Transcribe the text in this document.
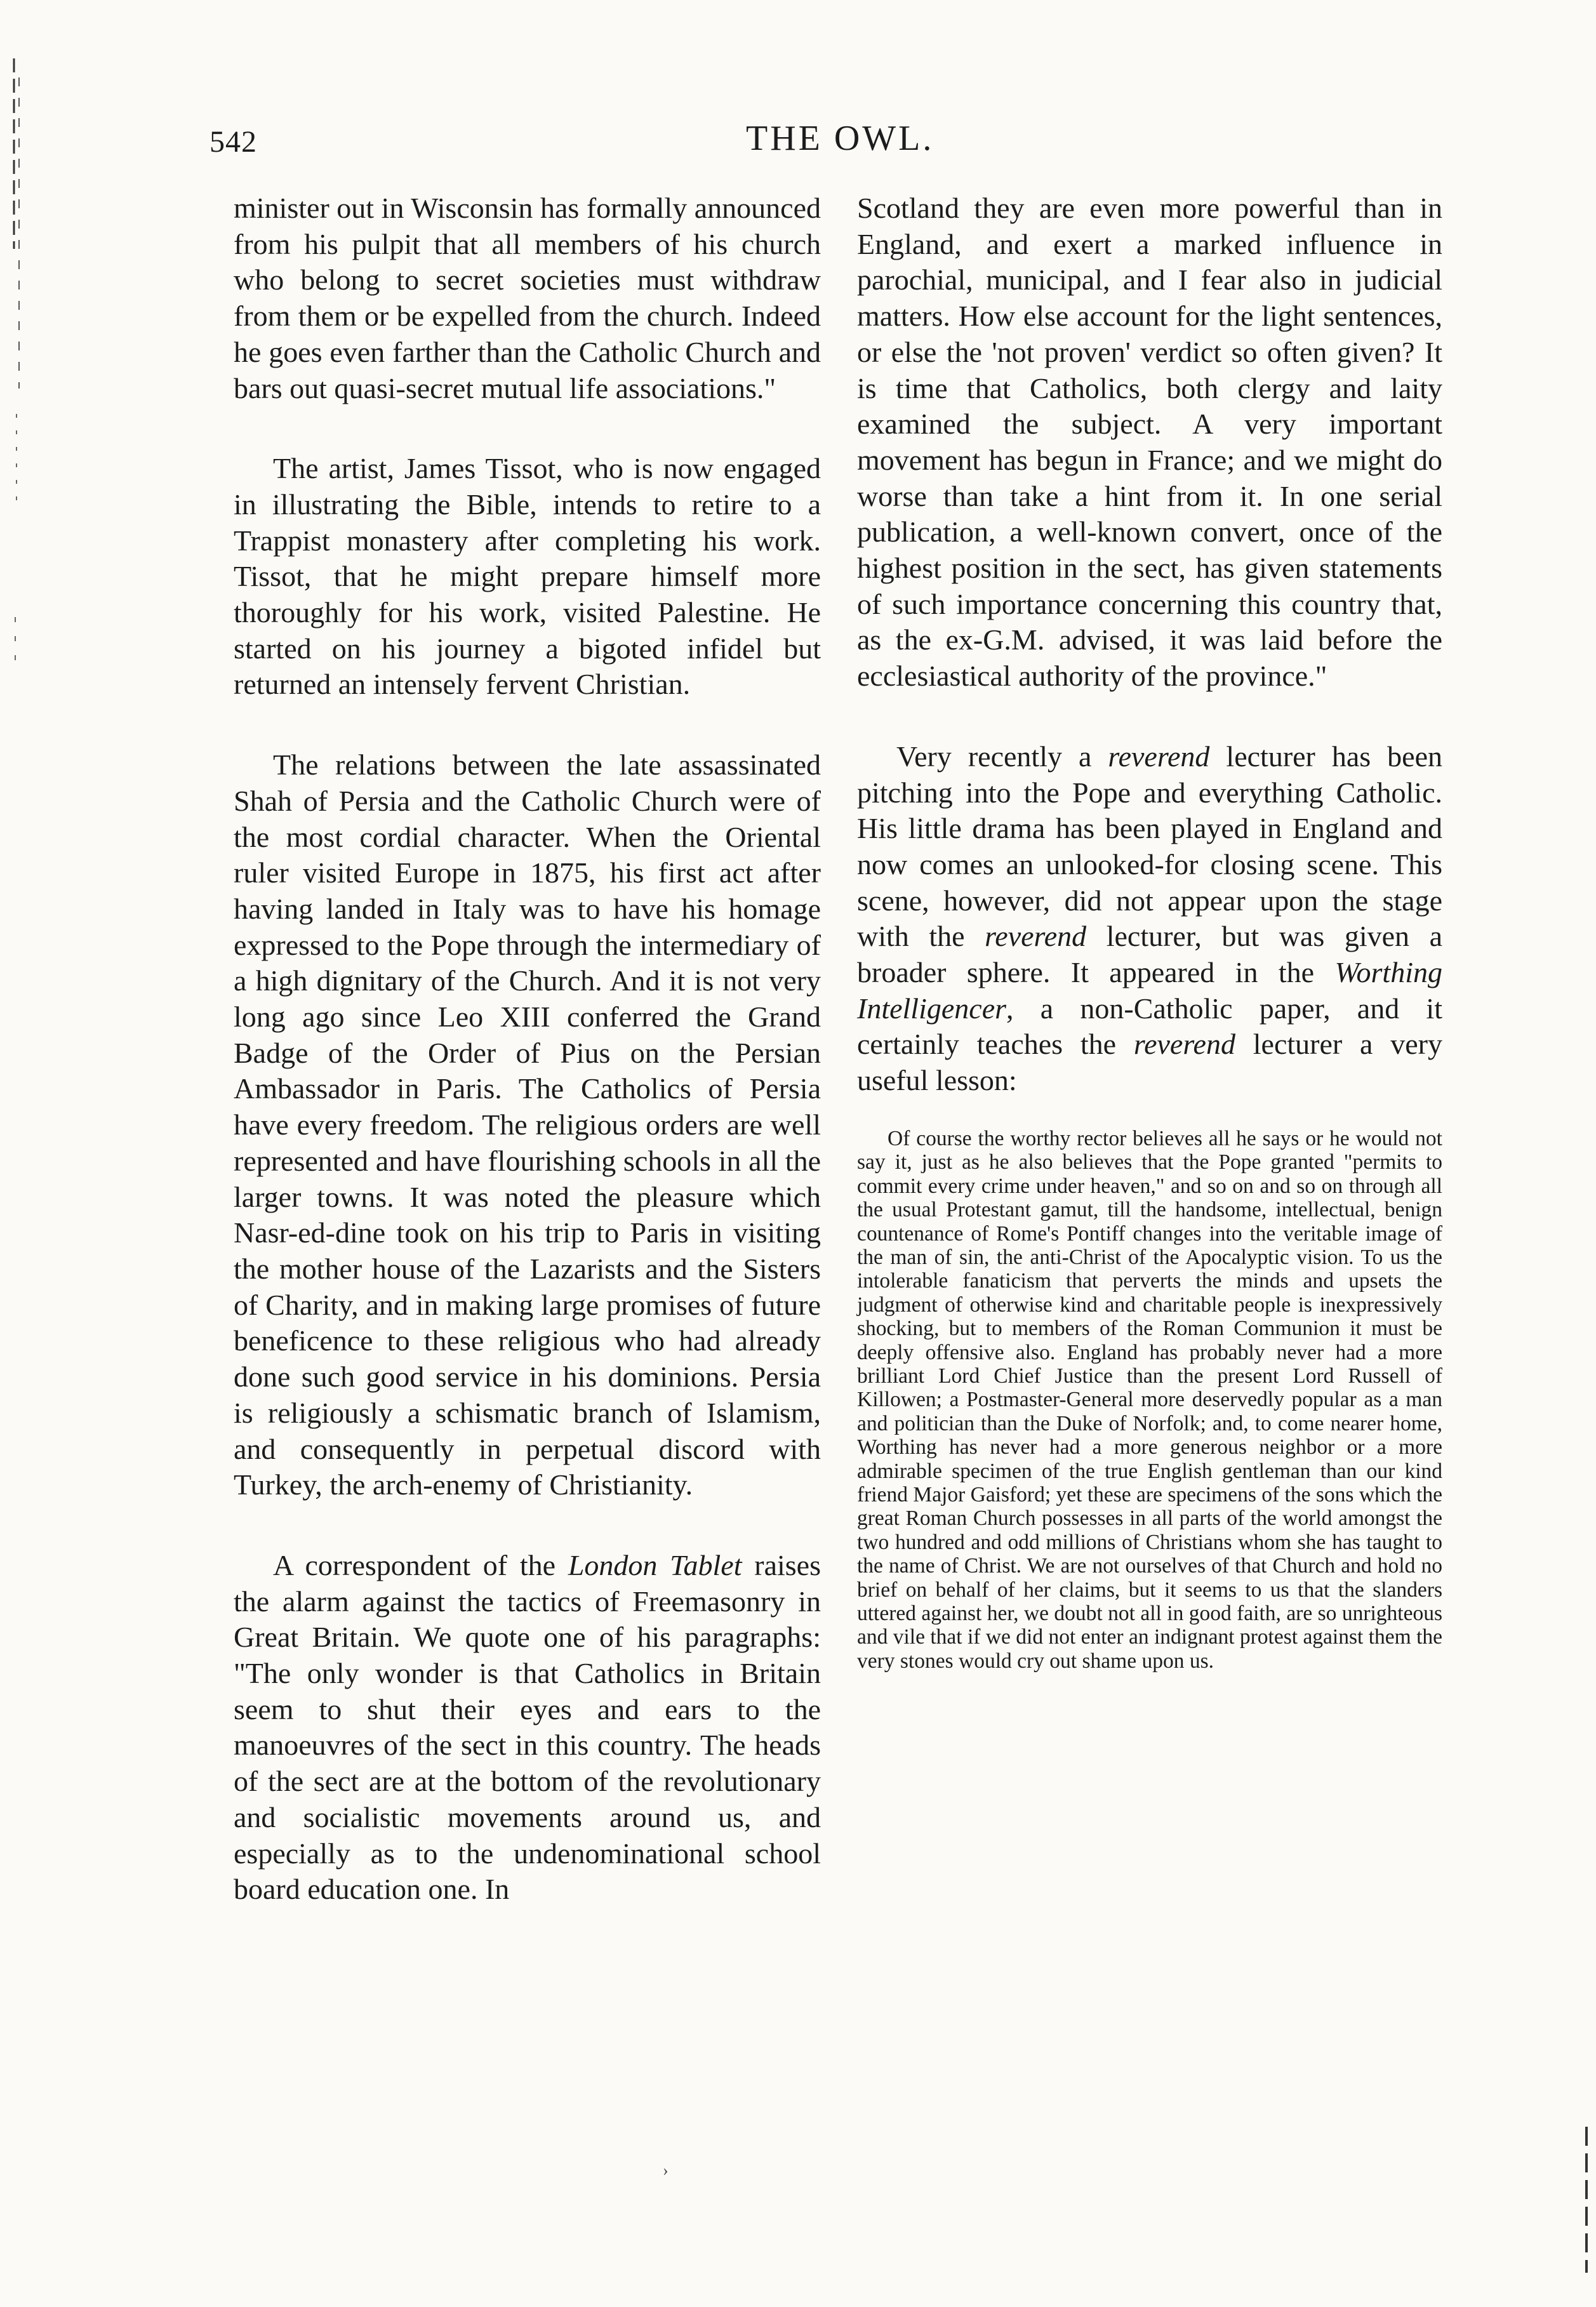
542	THE OWL.

minister out in Wisconsin has formally announced from his pulpit that all members of his church who belong to secret societies must withdraw from them or be expelled from the church. Indeed he goes even farther than the Catholic Church and bars out quasi-secret mutual life associations."

The artist, James Tissot, who is now engaged in illustrating the Bible, intends to retire to a Trappist monastery after completing his work. Tissot, that he might prepare himself more thoroughly for his work, visited Palestine. He started on his journey a bigoted infidel but returned an intensely fervent Christian.

The relations between the late assassinated Shah of Persia and the Catholic Church were of the most cordial character. When the Oriental ruler visited Europe in 1875, his first act after having landed in Italy was to have his homage expressed to the Pope through the intermediary of a high dignitary of the Church. And it is not very long ago since Leo XIII conferred the Grand Badge of the Order of Pius on the Persian Ambassador in Paris. The Catholics of Persia have every freedom. The religious orders are well represented and have flourishing schools in all the larger towns. It was noted the pleasure which Nasr-ed-dine took on his trip to Paris in visiting the mother house of the Lazarists and the Sisters of Charity, and in making large promises of future beneficence to these religious who had already done such good service in his dominions. Persia is religiously a schismatic branch of Islamism, and consequently in perpetual discord with Turkey, the arch-enemy of Christianity.

A correspondent of the London Tablet raises the alarm against the tactics of Freemasonry in Great Britain. We quote one of his paragraphs: "The only wonder is that Catholics in Britain seem to shut their eyes and ears to the manoeuvres of the sect in this country. The heads of the sect are at the bottom of the revolutionary and socialistic movements around us, and especially as to the undenominational school board education one. In

Scotland they are even more powerful than in England, and exert a marked influence in parochial, municipal, and I fear also in judicial matters. How else account for the light sentences, or else the 'not proven' verdict so often given? It is time that Catholics, both clergy and laity examined the subject. A very important movement has begun in France; and we might do worse than take a hint from it. In one serial publication, a well-known convert, once of the highest position in the sect, has given statements of such importance concerning this country that, as the ex-G.M. advised, it was laid before the ecclesiastical authority of the province."

Very recently a reverend lecturer has been pitching into the Pope and everything Catholic. His little drama has been played in England and now comes an unlooked-for closing scene. This scene, however, did not appear upon the stage with the reverend lecturer, but was given a broader sphere. It appeared in the Worthing Intelligencer, a non-Catholic paper, and it certainly teaches the reverend lecturer a very useful lesson:

Of course the worthy rector believes all he says or he would not say it, just as he also believes that the Pope granted "permits to commit every crime under heaven," and so on and so on through all the usual Protestant gamut, till the handsome, intellectual, benign countenance of Rome's Pontiff changes into the veritable image of the man of sin, the anti-Christ of the Apocalyptic vision. To us the intolerable fanaticism that perverts the minds and upsets the judgment of otherwise kind and charitable people is inexpressively shocking, but to members of the Roman Communion it must be deeply offensive also. England has probably never had a more brilliant Lord Chief Justice than the present Lord Russell of Killowen; a Postmaster-General more deservedly popular as a man and politician than the Duke of Norfolk; and, to come nearer home, Worthing has never had a more generous neighbor or a more admirable specimen of the true English gentleman than our kind friend Major Gaisford; yet these are specimens of the sons which the great Roman Church possesses in all parts of the world amongst the two hundred and odd millions of Christians whom she has taught to the name of Christ. We are not ourselves of that Church and hold no brief on behalf of her claims, but it seems to us that the slanders uttered against her, we doubt not all in good faith, are so unrighteous and vile that if we did not enter an indignant protest against them the very stones would cry out shame upon us.

›
